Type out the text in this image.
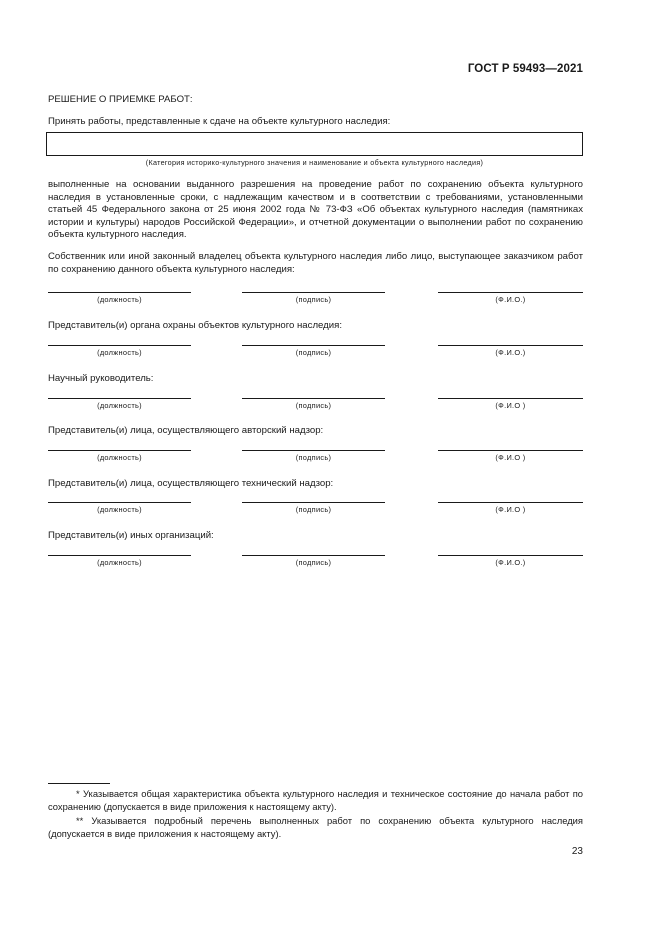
ГОСТ Р 59493—2021
РЕШЕНИЕ О ПРИЕМКЕ РАБОТ:
Принять работы, представленные к сдаче на объекте культурного наследия:
(Категория историко-культурного значения и наименование и объекта культурного наследия)
выполненные на основании выданного разрешения на проведение работ по сохранению объекта культурного наследия в установленные сроки, с надлежащим качеством и в соответствии с требованиями, установленными статьей 45 Федерального закона от 25 июня 2002 года № 73-ФЗ «Об объектах культурного наследия (памятниках истории и культуры) народов Российской Федерации», и отчетной документации о выполнении работ по сохранению объекта культурного наследия.
Собственник или иной законный владелец объекта культурного наследия либо лицо, выступающее заказчиком работ по сохранению данного объекта культурного наследия:
(должность)	(подпись)	(Ф.И.О.)
Представитель(и) органа охраны объектов культурного наследия:
(должность)	(подпись)	(Ф.И.О.)
Научный руководитель:
(должность)	(подпись)	(Ф.И.О )
Представитель(и) лица, осуществляющего авторский надзор:
(должность)	(подпись)	(Ф.И.О )
Представитель(и) лица, осуществляющего технический надзор:
(должность)	(подпись)	(Ф.И.О )
Представитель(и) иных организаций:
(должность)	(подпись)	(Ф.И.О.)
* Указывается общая характеристика объекта культурного наследия и техническое состояние до начала работ по сохранению (допускается в виде приложения к настоящему акту).
** Указывается подробный перечень выполненных работ по сохранению объекта культурного наследия (допускается в виде приложения к настоящему акту).
23
